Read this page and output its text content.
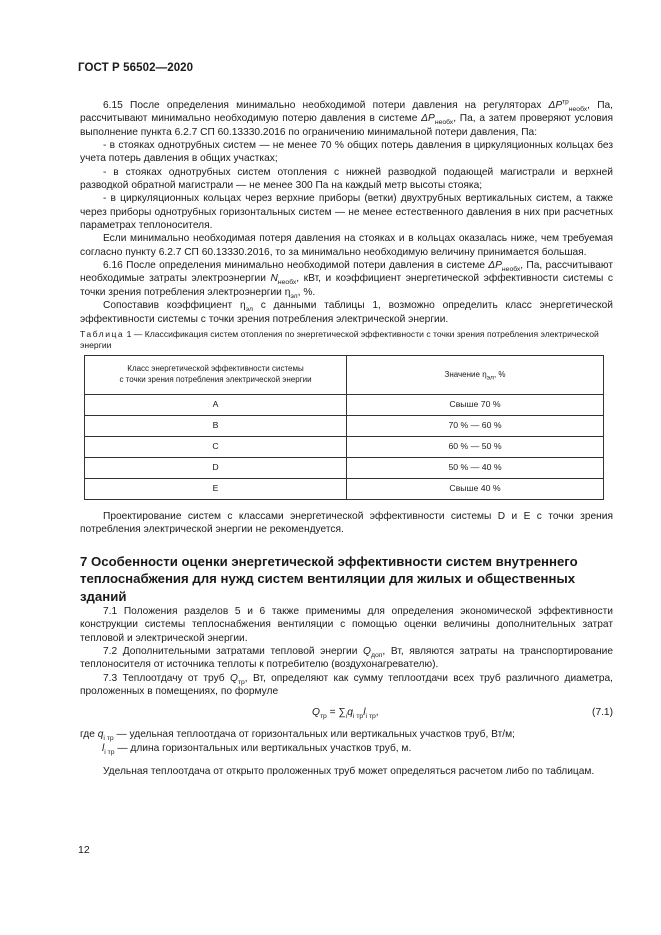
ГОСТ Р 56502—2020

6.15 После определения минимально необходимой потери давления на регуляторах $\Delta P^{тр}_{необх}$, Па, рассчитывают минимально необходимую потерю давления в системе $\Delta P_{необх}$, Па, а затем проверяют условия выполнение пункта 6.2.7 СП 60.13330.2016 по ограничению минимальной потери давления, Па:

- в стояках однотрубных систем — не менее 70 % общих потерь давления в циркуляционных кольцах без учета потерь давления в общих участках;

- в стояках однотрубных систем отопления с нижней разводкой подающей магистрали и верхней разводкой обратной магистрали — не менее 300 Па на каждый метр высоты стояка;

- в циркуляционных кольцах через верхние приборы (ветки) двухтрубных вертикальных систем, а также через приборы однотрубных горизонтальных систем — не менее естественного давления в них при расчетных параметрах теплоносителя.

Если минимально необходимая потеря давления на стояках и в кольцах оказалась ниже, чем требуемая согласно пункту 6.2.7 СП 60.13330.2016, то за минимально необходимую величину принимается большая.

6.16 После определения минимально необходимой потери давления в системе $\Delta P_{необх}$, Па, рассчитывают необходимые затраты электроэнергии $N_{необх}$, кВт, и коэффициент энергетической эффективности системы с точки зрения потребления электроэнергии $\eta_{эл}$, %.

Сопоставив коэффициент $\eta_{эл}$ с данными таблицы 1, возможно определить класс энергетической эффективности системы с точки зрения потребления электрической энергии.

Таблица 1 — Классификация систем отопления по энергетической эффективности с точки зрения потребления электрической энергии
Класс энергетической эффективности системы
с точки зрения потребления электрической энергии	Значение $\eta_{эл}$, %
A	Свыше 70 %
B	70 % — 60 %
C	60 % — 50 %
D	50 % — 40 %
E	Свыше 40 %

Проектирование систем с классами энергетической эффективности системы D и E с точки зрения потребления электрической энергии не рекомендуется.

7 Особенности оценки энергетической эффективности систем внутреннего теплоснабжения для нужд систем вентиляции для жилых и общественных зданий

7.1 Положения разделов 5 и 6 также применимы для определения экономической эффективности конструкции системы теплоснабжения вентиляции с помощью оценки величины дополнительных затрат тепловой и электрической энергии.

7.2 Дополнительными затратами тепловой энергии $Q_{доп}$, Вт, являются затраты на транспортирование теплоносителя от источника теплоты к потребителю (воздухонагревателю).

7.3 Теплоотдачу от труб $Q_{тр}$, Вт, определяют как сумму теплоотдачи всех труб различного диаметра, проложенных в помещениях, по формуле

$Q_{тр} = \sum_iq_{i тр}l_{i тр}$,	(7.1)

где $q_{i тр}$ — удельная теплоотдача от горизонтальных или вертикальных участков труб, Вт/м;

$l_{i тр}$ — длина горизонтальных или вертикальных участков труб, м.

Удельная теплоотдача от открыто проложенных труб может определяться расчетом либо по таблицам.

12
